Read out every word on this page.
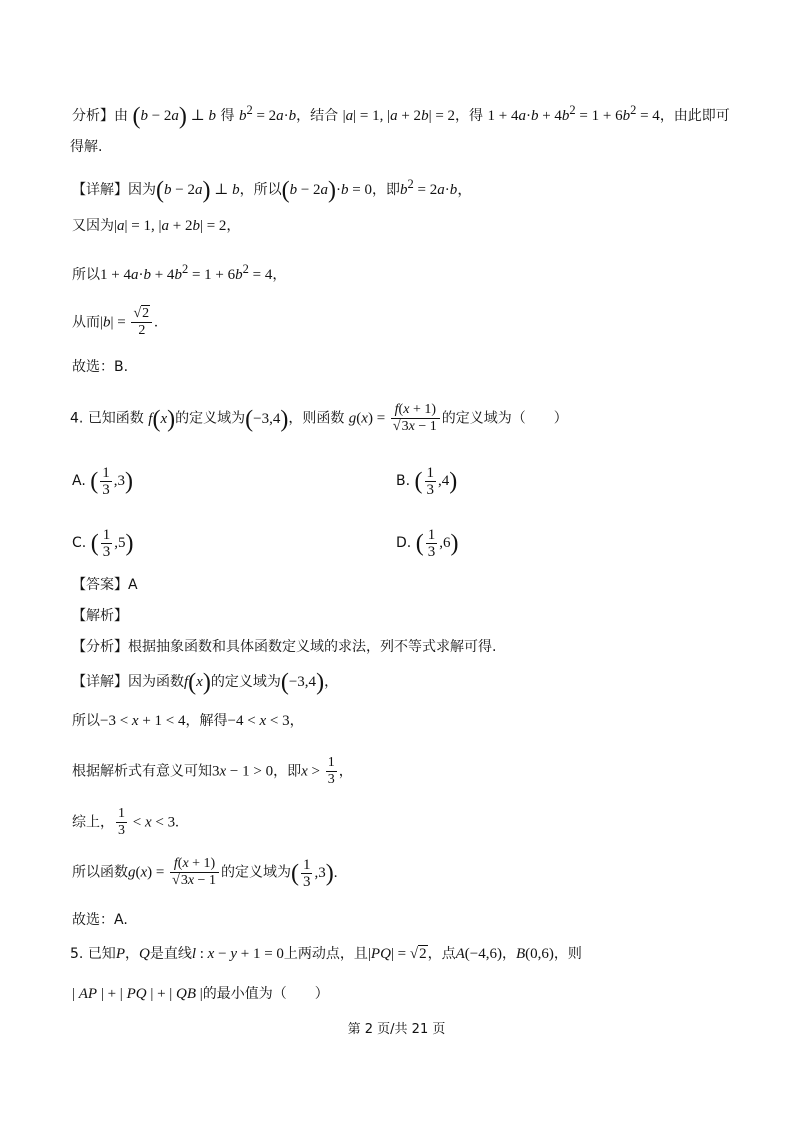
分析】由 (b − 2a) ⊥ b 得 $b^2 = 2a\cdot b$，结合 |a| = 1, |a + 2b| = 2，得 $1 + 4a\cdot b + 4b^2 = 1 + 6b^2 = 4$，由此即可
得解.
【详解】因为(b − 2a) ⊥ b，所以(b − 2a)·b = 0，即$b^2 = 2a\cdot b$，
又因为|a| = 1, |a + 2b| = 2，
所以$1 + 4a\cdot b + 4b^2 = 1 + 6b^2 = 4$，
从而$|b| = \frac{√2}{2}$ .
故选：B.
4. 已知函数 f(x)的定义域为(−3,4)，则函数 $g(x) = \frac{f(x + 1)}{√3x - 1}$ 的定义域为（　　）
A. ( $\frac{1}{3} ,3$)	B. ( $\frac{1}{3} ,4$)
C. ( $\frac{1}{3} ,5$)	D. ( $\frac{1}{3} ,6$)
【答案】A
【解析】
【分析】根据抽象函数和具体函数定义域的求法，列不等式求解可得.
【详解】因为函数f(x)的定义域为(−3,4)，
所以−3 < x + 1 < 4，解得−4 < x < 3，
根据解析式有意义可知3x − 1 > 0，即$x > \frac{1}{3}$ ，
综上， $\frac{1}{3} < x < 3$.
所以函数$g(x) = \frac{f(x + 1)}{√3x - 1}$ 的定义域为( $\frac{1}{3} ,3$).
故选：A.
5. 已知P，Q是直线l : x − y + 1 = 0上两动点，且|PQ| = √2，点A(−4,6)，B(0,6)，则
| AP | + | PQ | + | QB |的最小值为（　　）
第 2 页/共 21 页
